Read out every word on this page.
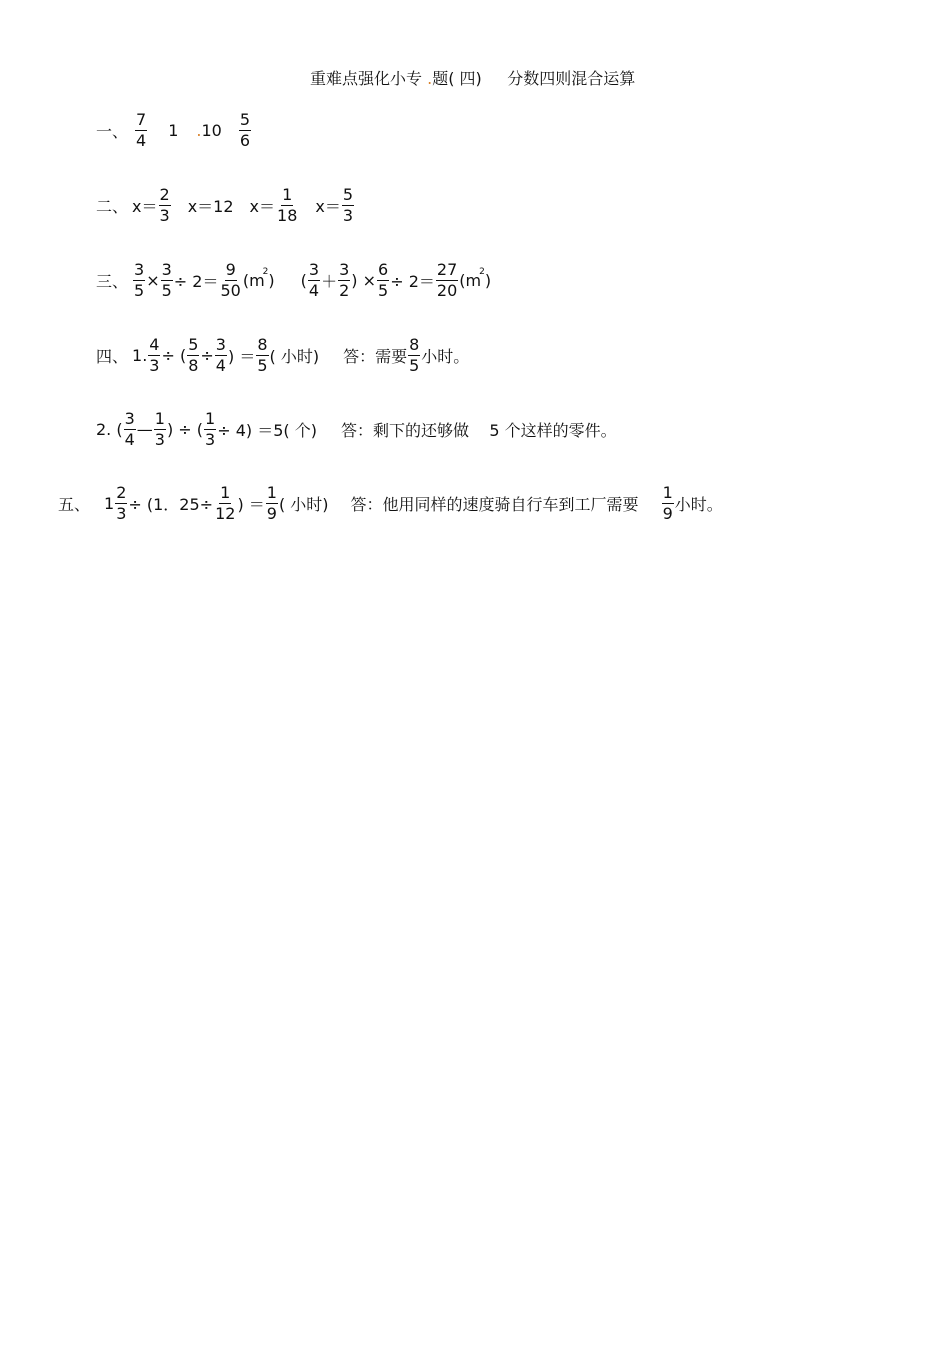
重难点强化小专 .题( 四) 分数四则混合运算
一、 $\frac{7}{4} 1$ . $10 \frac{5}{6}$
二、 $x= \frac{2}{3} x=12$ $x= \frac{1}{18} x= \frac{5}{3}$
三、 $\frac{3}{5} \times \frac{3}{5} \div 2= \frac{9}{50} (m$
2 ) ( $\frac{3}{4} + \frac{3}{2}$ ) × $\frac{6}{5} \div 2= \frac{27}{20} (m$
2 )
四、 1. $\frac{4}{3}$ ÷ ( $\frac{5}{8} \div \frac{3}{4}$ ) ＝ $\frac{8}{5}$ ( 小时) 答：需要 $\frac{8}{5}$ 小时。
2. ( $\frac{3}{4}$ — $\frac{1}{3}$ ) ÷ ( $\frac{1}{3} \div 4) =5$( 个) 答：剩下的还够做    5 个这样的零件。
五、 $1 \frac{2}{3} \div (1$．$25\div \frac{1}{12}$ ) ＝ $\frac{1}{9}$ ( 小时) 答：他用同样的速度骑自行车到工厂需要 $\frac{1}{9}$ 小时。
